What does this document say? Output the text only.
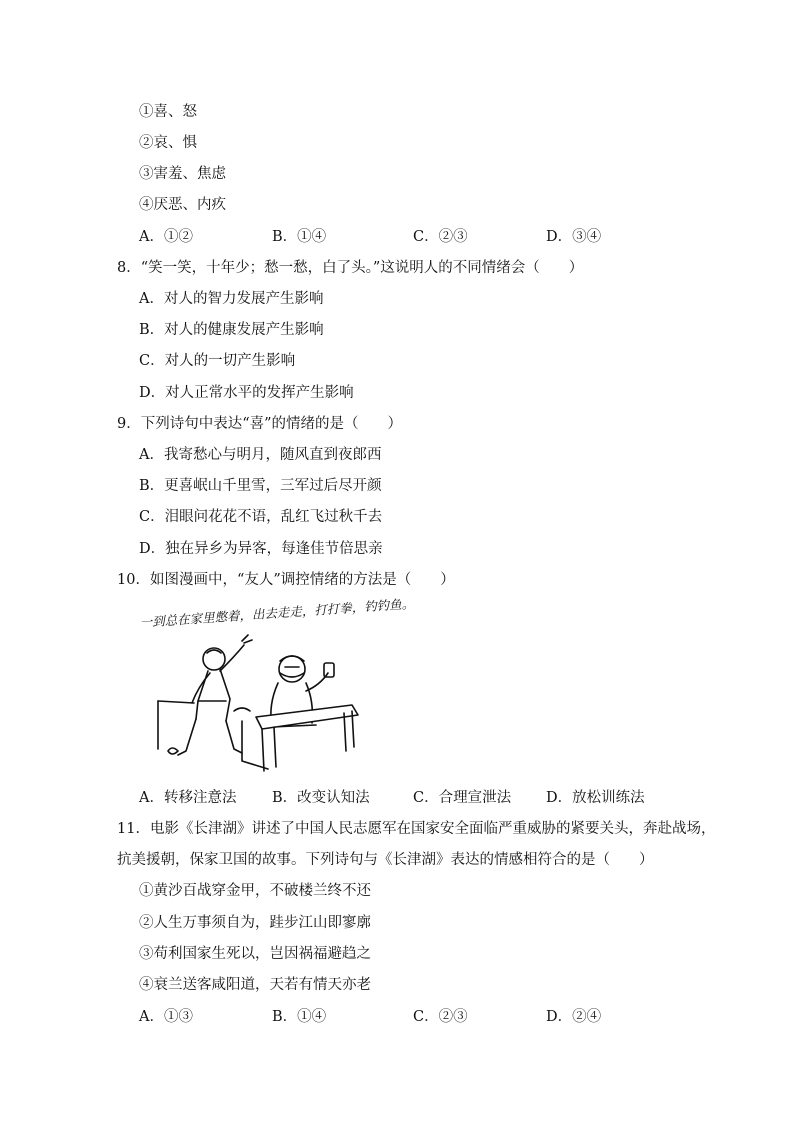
①喜、怒
②哀、惧
③害羞、焦虑
④厌恶、内疚
A．①②	B．①④	C．②③	D．③④
8．“笑一笑，十年少；愁一愁，白了头。”这说明人的不同情绪会（　　）
A．对人的智力发展产生影响
B．对人的健康发展产生影响
C．对人的一切产生影响
D．对人正常水平的发挥产生影响
9．下列诗句中表达“喜”的情绪的是（　　）
A．我寄愁心与明月，随风直到夜郎西
B．更喜岷山千里雪，三军过后尽开颜
C．泪眼问花花不语，乱红飞过秋千去
D．独在异乡为异客，每逢佳节倍思亲
10．如图漫画中，“友人”调控情绪的方法是（　　）
一到总在家里憋着，出去走走，打打拳，钓钓鱼。
A．转移注意法 B．改变认知法	C．合理宣泄法 D．放松训练法
11．电影《长津湖》讲述了中国人民志愿军在国家安全面临严重威胁的紧要关头，奔赴战场，
抗美援朝，保家卫国的故事。下列诗句与《长津湖》表达的情感相符合的是（　　）
①黄沙百战穿金甲，不破楼兰终不还
②人生万事须自为，跬步江山即寥廓
③苟利国家生死以，岂因祸福避趋之
④衰兰送客咸阳道，天若有情天亦老
A．①③	B．①④	C．②③	D．②④
